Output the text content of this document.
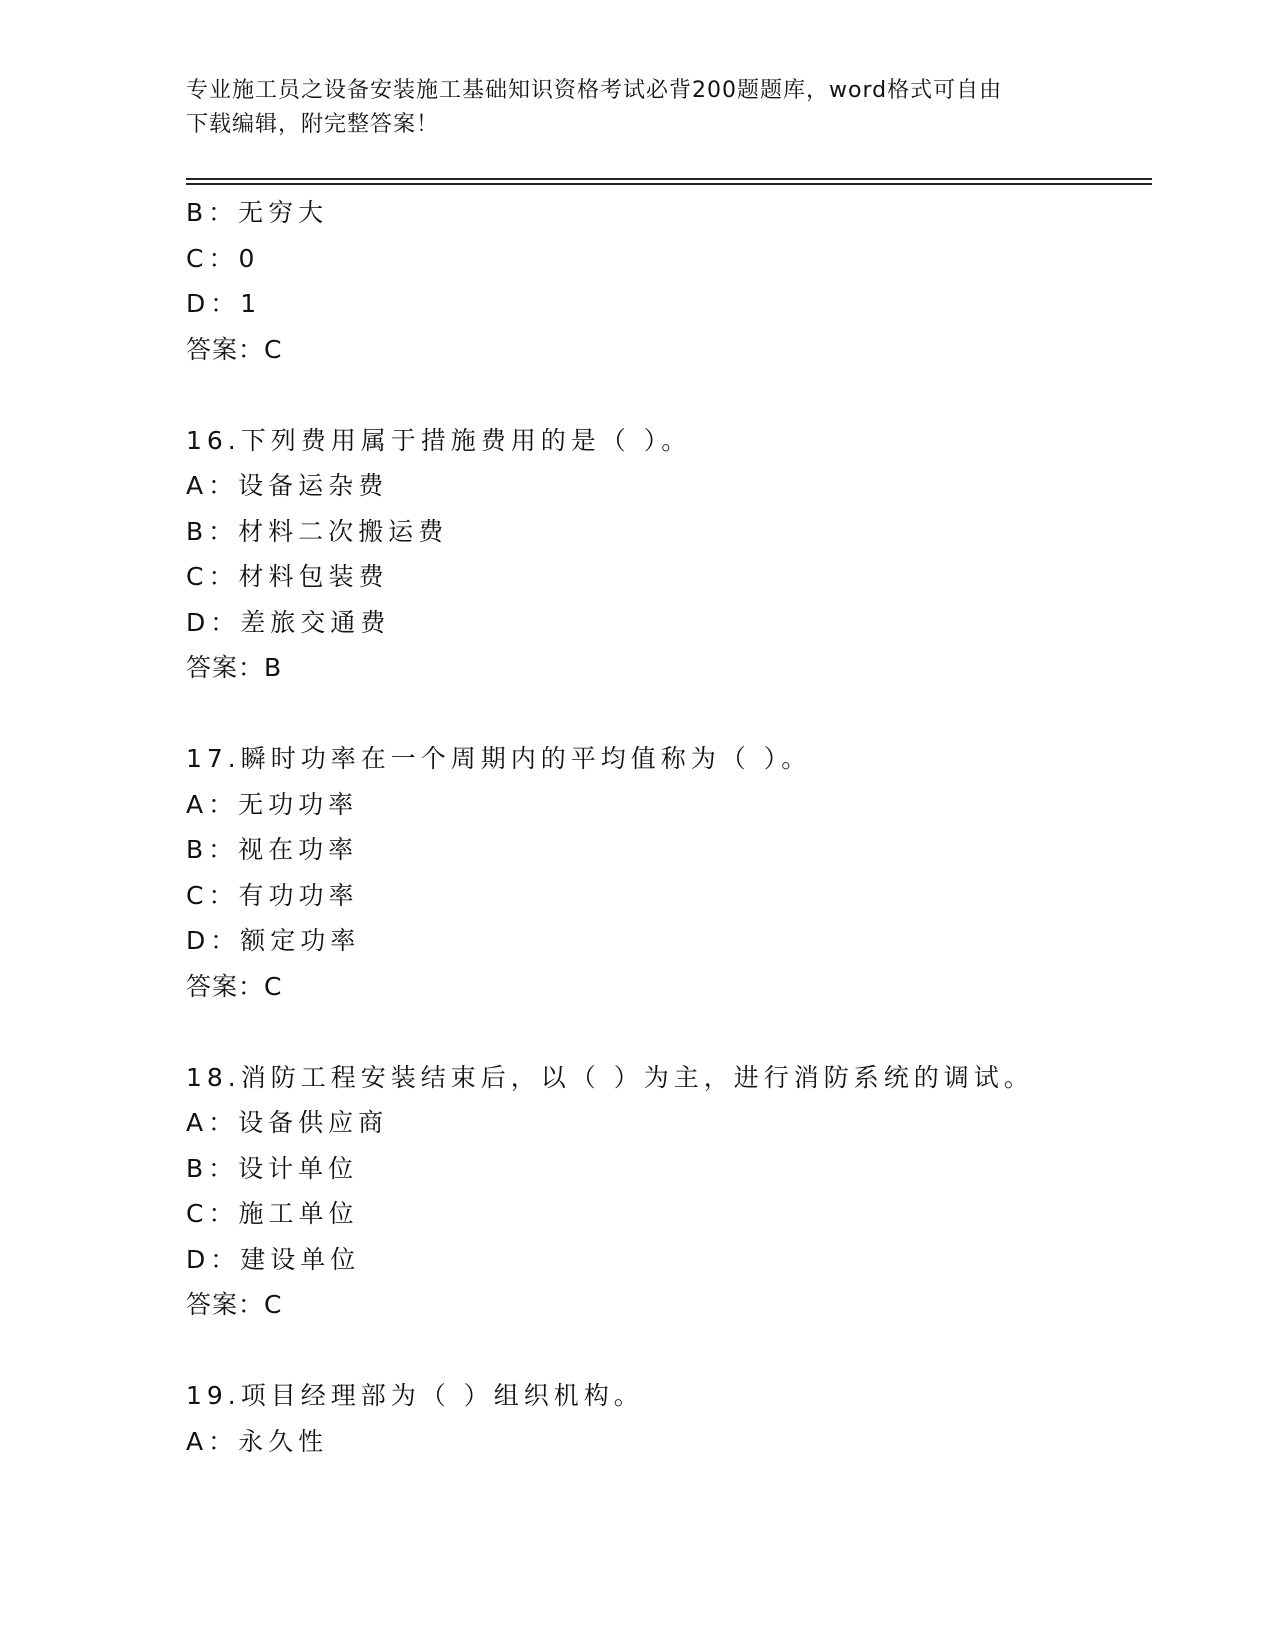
专业施工员之设备安装施工基础知识资格考试必背200题题库，word格式可自由
下载编辑，附完整答案！
B：无穷大
C：0
D：1
答案：C
16.下列费用属于措施费用的是（ ）。
A：设备运杂费
B：材料二次搬运费
C：材料包装费
D：差旅交通费
答案：B
17.瞬时功率在一个周期内的平均值称为（ ）。
A：无功功率
B：视在功率
C：有功功率
D：额定功率
答案：C
18.消防工程安装结束后，以（ ）为主，进行消防系统的调试。
A：设备供应商
B：设计单位
C：施工单位
D：建设单位
答案：C
19.项目经理部为（ ）组织机构。
A：永久性
